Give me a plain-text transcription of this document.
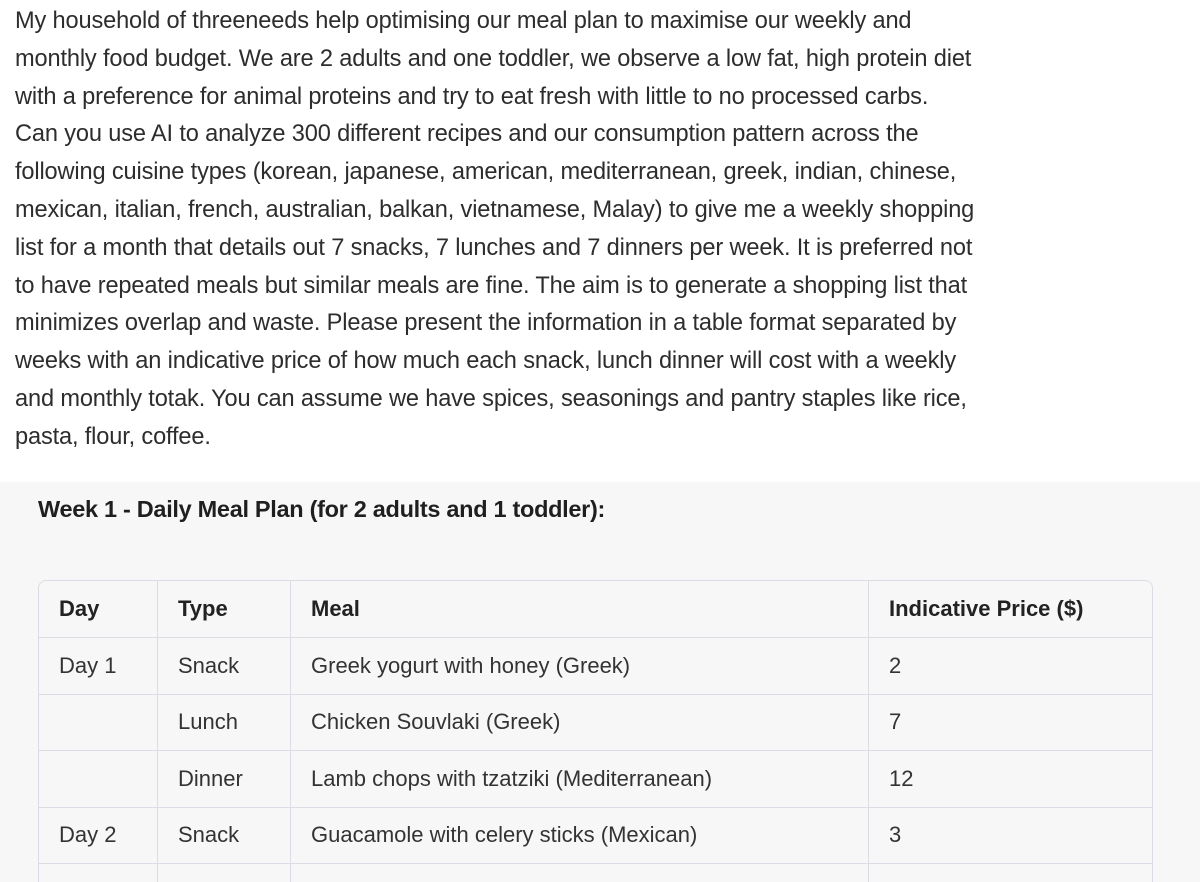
My household of threeneeds help optimising our meal plan to maximise our weekly and
monthly food budget. We are 2 adults and one toddler, we observe a low fat, high protein diet
with a preference for animal proteins and try to eat fresh with little to no processed carbs.
Can you use AI to analyze 300 different recipes and our consumption pattern across the
following cuisine types (korean, japanese, american, mediterranean, greek, indian, chinese,
mexican, italian, french, australian, balkan, vietnamese, Malay) to give me a weekly shopping
list for a month that details out 7 snacks, 7 lunches and 7 dinners per week. It is preferred not
to have repeated meals but similar meals are fine. The aim is to generate a shopping list that
minimizes overlap and waste. Please present the information in a table format separated by
weeks with an indicative price of how much each snack, lunch dinner will cost with a weekly
and monthly totak. You can assume we have spices, seasonings and pantry staples like rice,
pasta, flour, coffee.
Week 1 - Daily Meal Plan (for 2 adults and 1 toddler):
Day	Type	Meal	Indicative Price ($)
Day 1	Snack	Greek yogurt with honey (Greek)	2
	Lunch	Chicken Souvlaki (Greek)	7
	Dinner	Lamb chops with tzatziki (Mediterranean)	12
Day 2	Snack	Guacamole with celery sticks (Mexican)	3
